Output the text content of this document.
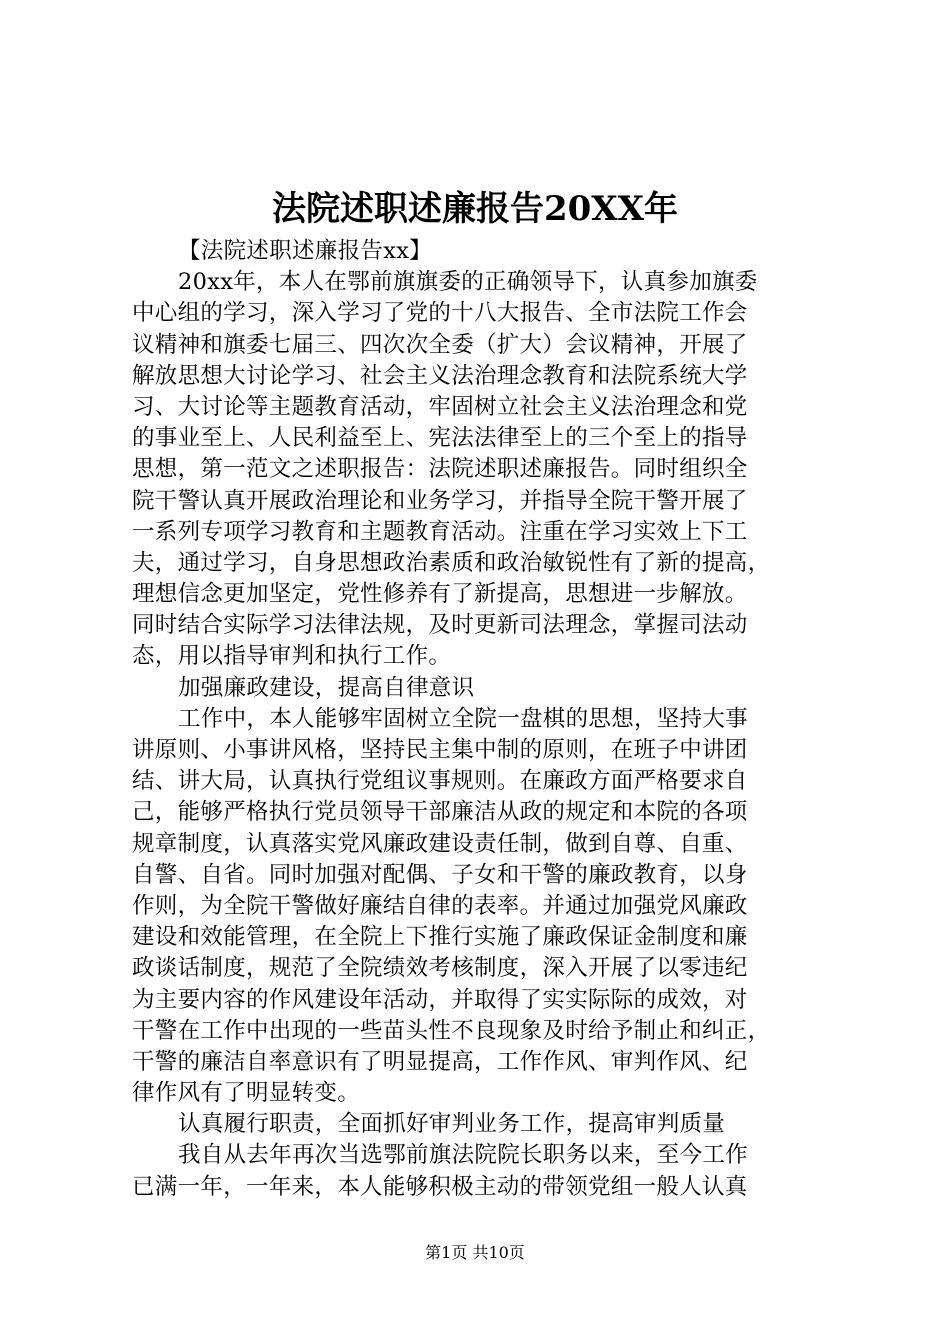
法院述职述廉报告20XX年
【法院述职述廉报告xx】
20xx年，本人在鄂前旗旗委的正确领导下，认真参加旗委
中心组的学习，深入学习了党的十八大报告、全市法院工作会
议精神和旗委七届三、四次次全委（扩大）会议精神，开展了
解放思想大讨论学习、社会主义法治理念教育和法院系统大学
习、大讨论等主题教育活动，牢固树立社会主义法治理念和党
的事业至上、人民利益至上、宪法法律至上的三个至上的指导
思想，第一范文之述职报告：法院述职述廉报告。同时组织全
院干警认真开展政治理论和业务学习，并指导全院干警开展了
一系列专项学习教育和主题教育活动。注重在学习实效上下工
夫，通过学习，自身思想政治素质和政治敏锐性有了新的提高，
理想信念更加坚定，党性修养有了新提高，思想进一步解放。
同时结合实际学习法律法规，及时更新司法理念，掌握司法动
态，用以指导审判和执行工作。
加强廉政建设，提高自律意识
工作中，本人能够牢固树立全院一盘棋的思想，坚持大事
讲原则、小事讲风格，坚持民主集中制的原则，在班子中讲团
结、讲大局，认真执行党组议事规则。在廉政方面严格要求自
己，能够严格执行党员领导干部廉洁从政的规定和本院的各项
规章制度，认真落实党风廉政建设责任制，做到自尊、自重、
自警、自省。同时加强对配偶、子女和干警的廉政教育，以身
作则，为全院干警做好廉结自律的表率。并通过加强党风廉政
建设和效能管理，在全院上下推行实施了廉政保证金制度和廉
政谈话制度，规范了全院绩效考核制度，深入开展了以零违纪
为主要内容的作风建设年活动，并取得了实实际际的成效，对
干警在工作中出现的一些苗头性不良现象及时给予制止和纠正，
干警的廉洁自率意识有了明显提高，工作作风、审判作风、纪
律作风有了明显转变。
认真履行职责，全面抓好审判业务工作，提高审判质量
我自从去年再次当选鄂前旗法院院长职务以来，至今工作
已满一年，一年来，本人能够积极主动的带领党组一般人认真
第1页 共10页
